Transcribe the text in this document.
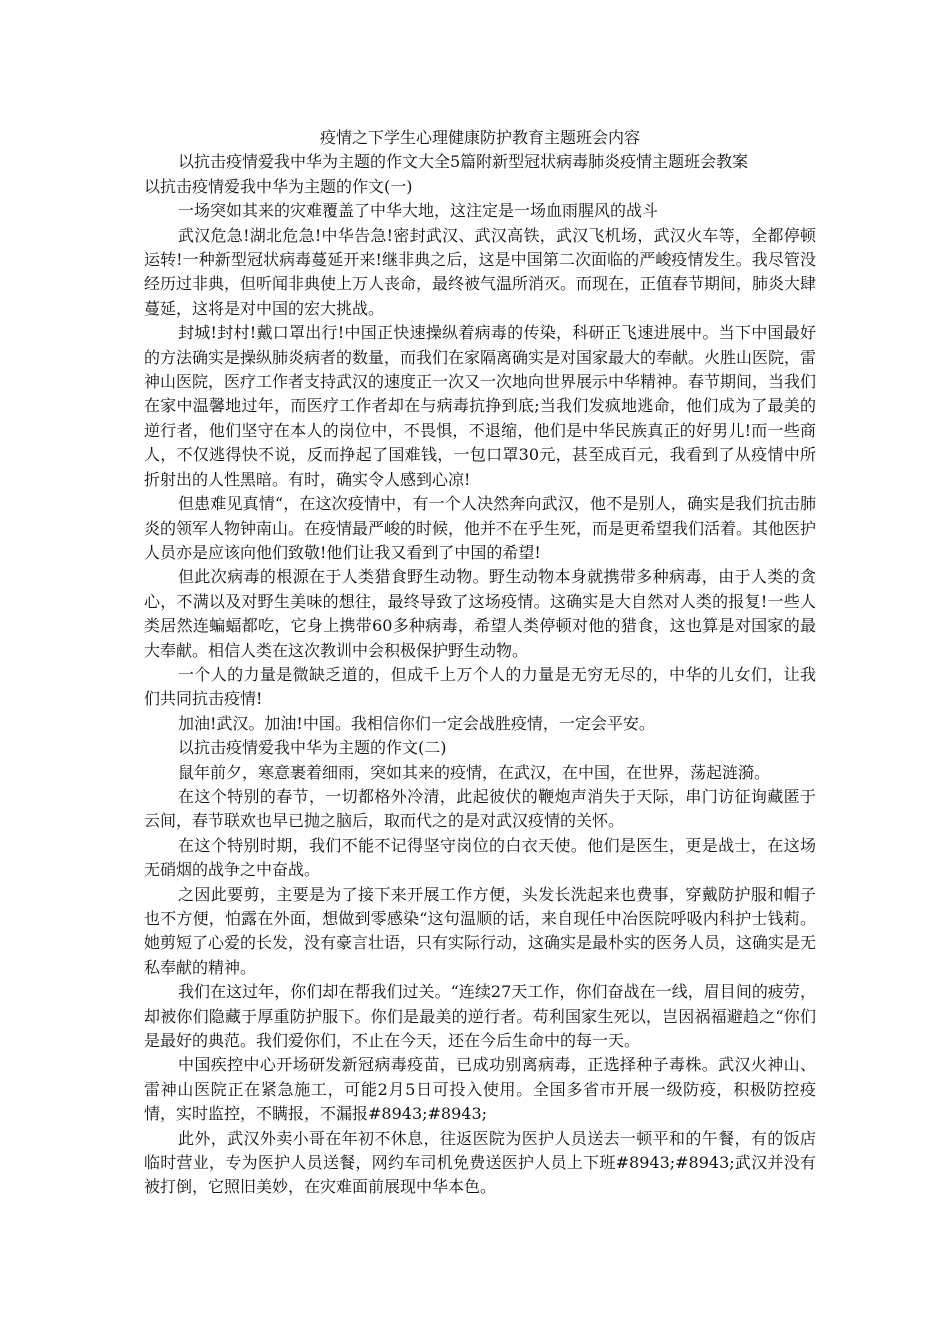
疫情之下学生心理健康防护教育主题班会内容

以抗击疫情爱我中华为主题的作文大全5篇附新型冠状病毒肺炎疫情主题班会教案

以抗击疫情爱我中华为主题的作文(一)

一场突如其来的灾难覆盖了中华大地，这注定是一场血雨腥风的战斗

武汉危急!湖北危急!中华告急!密封武汉、武汉高铁，武汉飞机场，武汉火车等，全都停顿运转!一种新型冠状病毒蔓延开来!继非典之后，这是中国第二次面临的严峻疫情发生。我尽管没经历过非典，但听闻非典使上万人丧命，最终被气温所消灭。而现在，正值春节期间，肺炎大肆蔓延，这将是对中国的宏大挑战。

封城!封村!戴口罩出行!中国正快速操纵着病毒的传染，科研正飞速进展中。当下中国最好的方法确实是操纵肺炎病者的数量，而我们在家隔离确实是对国家最大的奉献。火胜山医院，雷神山医院，医疗工作者支持武汉的速度正一次又一次地向世界展示中华精神。春节期间，当我们在家中温馨地过年，而医疗工作者却在与病毒抗挣到底;当我们发疯地逃命，他们成为了最美的逆行者，他们坚守在本人的岗位中，不畏惧，不退缩，他们是中华民族真正的好男儿!而一些商人，不仅逃得快不说，反而挣起了国难钱，一包口罩30元，甚至成百元，我看到了从疫情中所折射出的人性黑暗。有时，确实令人感到心凉!

但患难见真情“，在这次疫情中，有一个人决然奔向武汉，他不是别人，确实是我们抗击肺炎的领军人物钟南山。在疫情最严峻的时候，他并不在乎生死，而是更希望我们活着。其他医护人员亦是应该向他们致敬!他们让我又看到了中国的希望!

但此次病毒的根源在于人类猎食野生动物。野生动物本身就携带多种病毒，由于人类的贪心，不满以及对野生美味的想往，最终导致了这场疫情。这确实是大自然对人类的报复!一些人类居然连蝙蝠都吃，它身上携带60多种病毒，希望人类停顿对他的猎食，这也算是对国家的最大奉献。相信人类在这次教训中会积极保护野生动物。

一个人的力量是微缺乏道的，但成千上万个人的力量是无穷无尽的，中华的儿女们，让我们共同抗击疫情!

加油!武汉。加油!中国。我相信你们一定会战胜疫情，一定会平安。

以抗击疫情爱我中华为主题的作文(二)

鼠年前夕，寒意裹着细雨，突如其来的疫情，在武汉，在中国，在世界，荡起涟漪。

在这个特别的春节，一切都格外冷清，此起彼伏的鞭炮声消失于天际，串门访征询藏匿于云间，春节联欢也早已抛之脑后，取而代之的是对武汉疫情的关怀。

在这个特别时期，我们不能不记得坚守岗位的白衣天使。他们是医生，更是战士，在这场无硝烟的战争之中奋战。

之因此要剪，主要是为了接下来开展工作方便，头发长洗起来也费事，穿戴防护服和帽子也不方便，怕露在外面，想做到零感染“这句温顺的话，来自现任中冶医院呼吸内科护士钱莉。她剪短了心爱的长发，没有豪言壮语，只有实际行动，这确实是最朴实的医务人员，这确实是无私奉献的精神。

我们在这过年，你们却在帮我们过关。“连续27天工作，你们奋战在一线，眉目间的疲劳，却被你们隐藏于厚重防护服下。你们是最美的逆行者。苟利国家生死以，岂因祸福避趋之“你们是最好的典范。我们爱你们，不止在今天，还在今后生命中的每一天。

中国疾控中心开场研发新冠病毒疫苗，已成功别离病毒，正选择种子毒株。武汉火神山、雷神山医院正在紧急施工，可能2月5日可投入使用。全国多省市开展一级防疫，积极防控疫情，实时监控，不瞒报，不漏报#8943;#8943;

此外，武汉外卖小哥在年初不休息，往返医院为医护人员送去一顿平和的午餐，有的饭店临时营业，专为医护人员送餐，网约车司机免费送医护人员上下班#8943;#8943;武汉并没有被打倒，它照旧美妙，在灾难面前展现中华本色。
